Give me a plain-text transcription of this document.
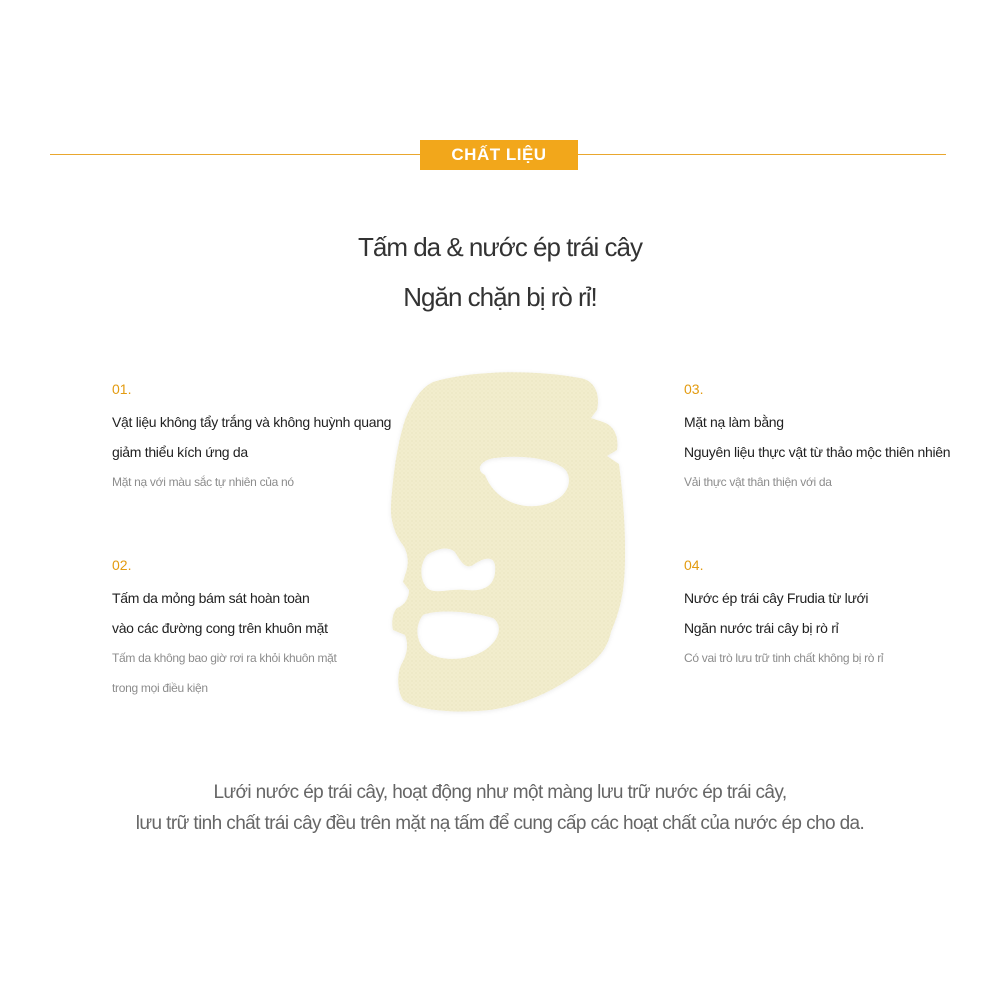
CHẤT LIỆU
Tấm da & nước ép trái cây
Ngăn chặn bị rò rỉ!

01.

Vật liệu không tẩy trắng và không huỳnh quang

giảm thiểu kích ứng da

Mặt nạ với màu sắc tự nhiên của nó

02.

Tấm da mỏng bám sát hoàn toàn

vào các đường cong trên khuôn mặt

Tấm da không bao giờ rơi ra khỏi khuôn mặt

trong mọi điều kiện

03.

Mặt nạ làm bằng

Nguyên liệu thực vật từ thảo mộc thiên nhiên

Vải thực vật thân thiện với da

04.

Nước ép trái cây Frudia từ lưới

Ngăn nước trái cây bị rò rỉ

Có vai trò lưu trữ tinh chất không bị rò rỉ

Lưới nước ép trái cây, hoạt động như một màng lưu trữ nước ép trái cây,

lưu trữ tinh chất trái cây đều trên mặt nạ tấm để cung cấp các hoạt chất của nước ép cho da.
